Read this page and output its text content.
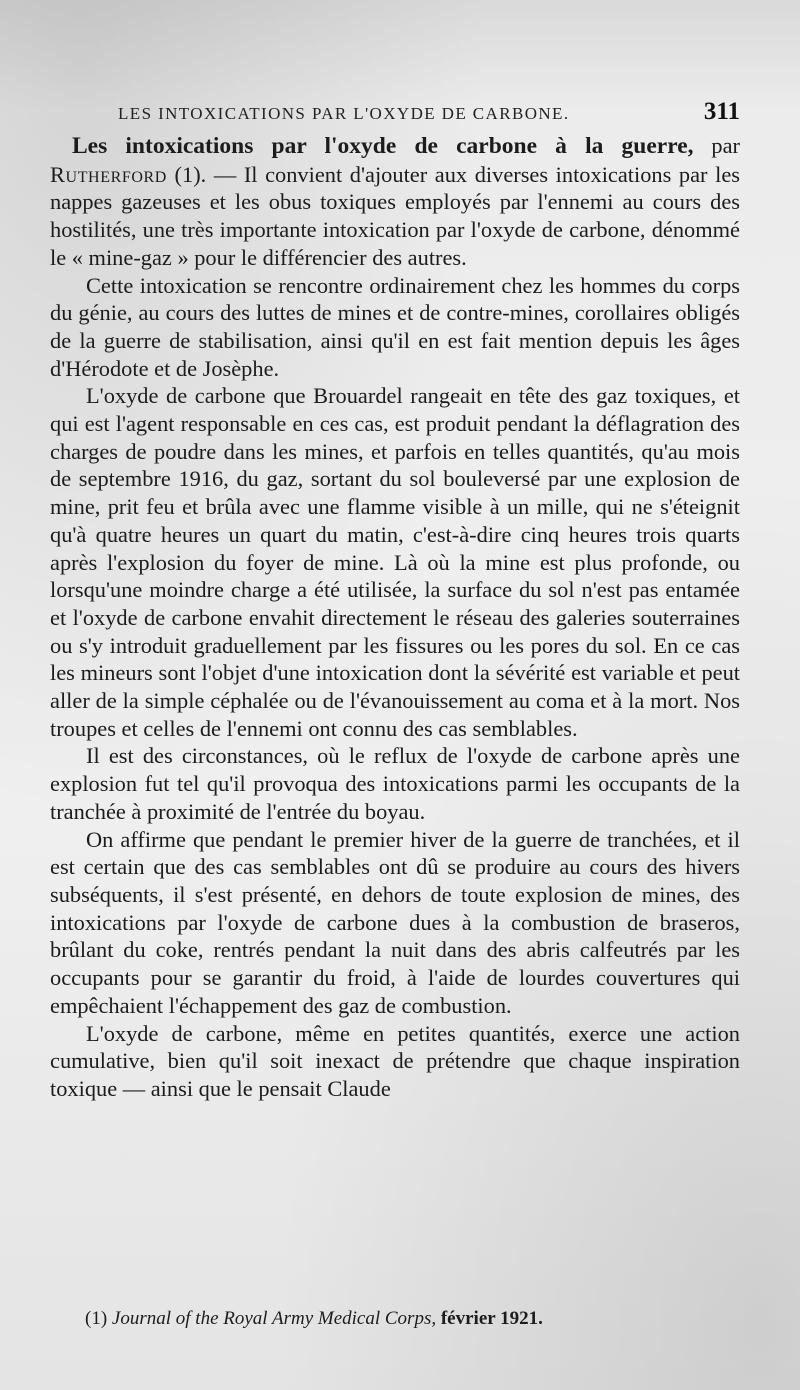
LES INTOXICATIONS PAR L'OXYDE DE CARBONE.	311

Les intoxications par l'oxyde de carbone à la guerre, par Rutherford (1). — Il convient d'ajouter aux diverses intoxications par les nappes gazeuses et les obus toxiques employés par l'ennemi au cours des hostilités, une très importante intoxication par l'oxyde de carbone, dénommé le « mine-gaz » pour le différencier des autres.

Cette intoxication se rencontre ordinairement chez les hommes du corps du génie, au cours des luttes de mines et de contre-mines, corollaires obligés de la guerre de stabilisation, ainsi qu'il en est fait mention depuis les âges d'Hérodote et de Josèphe.

L'oxyde de carbone que Brouardel rangeait en tête des gaz toxiques, et qui est l'agent responsable en ces cas, est produit pendant la déflagration des charges de poudre dans les mines, et parfois en telles quantités, qu'au mois de septembre 1916, du gaz, sortant du sol bouleversé par une explosion de mine, prit feu et brûla avec une flamme visible à un mille, qui ne s'éteignit qu'à quatre heures un quart du matin, c'est-à-dire cinq heures trois quarts après l'explosion du foyer de mine. Là où la mine est plus profonde, ou lorsqu'une moindre charge a été utilisée, la surface du sol n'est pas entamée et l'oxyde de carbone envahit directement le réseau des galeries souterraines ou s'y introduit graduellement par les fissures ou les pores du sol. En ce cas les mineurs sont l'objet d'une intoxication dont la sévérité est variable et peut aller de la simple céphalée ou de l'évanouissement au coma et à la mort. Nos troupes et celles de l'ennemi ont connu des cas semblables.

Il est des circonstances, où le reflux de l'oxyde de carbone après une explosion fut tel qu'il provoqua des intoxications parmi les occupants de la tranchée à proximité de l'entrée du boyau.

On affirme que pendant le premier hiver de la guerre de tranchées, et il est certain que des cas semblables ont dû se produire au cours des hivers subséquents, il s'est présenté, en dehors de toute explosion de mines, des intoxications par l'oxyde de carbone dues à la combustion de braseros, brûlant du coke, rentrés pendant la nuit dans des abris calfeutrés par les occupants pour se garantir du froid, à l'aide de lourdes couvertures qui empêchaient l'échappement des gaz de combustion.

L'oxyde de carbone, même en petites quantités, exerce une action cumulative, bien qu'il soit inexact de prétendre que chaque inspiration toxique — ainsi que le pensait Claude

(1) Journal of the Royal Army Medical Corps, février 1921.
